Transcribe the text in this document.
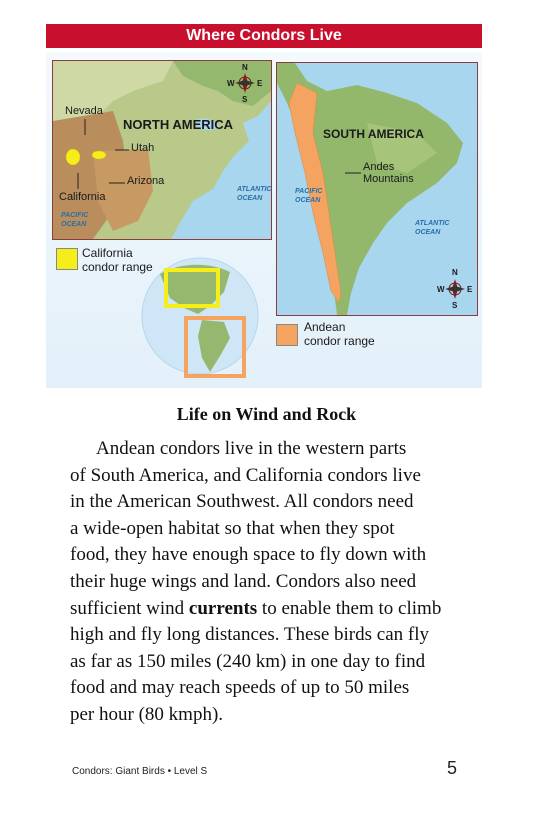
Where Condors Live
NORTH AMERICA
Nevada
Utah
Arizona
California
PACIFIC
OCEAN
ATLANTIC
OCEAN
N
S
W	E
SOUTH AMERICA
Andes
Mountains
PACIFIC
OCEAN
ATLANTIC
OCEAN
N
S
W	E
California
condor range
Andean
condor range
Life on Wind and Rock
Andean condors live in the western parts
of South America, and California condors live
in the American Southwest. All condors need
a wide-open habitat so that when they spot
food, they have enough space to fly down with
their huge wings and land. Condors also need
sufficient wind currents to enable them to climb
high and fly long distances. These birds can fly
as far as 150 miles (240 km) in one day to find
food and may reach speeds of up to 50 miles
per hour (80 kmph).
Condors: Giant Birds • Level S	5
